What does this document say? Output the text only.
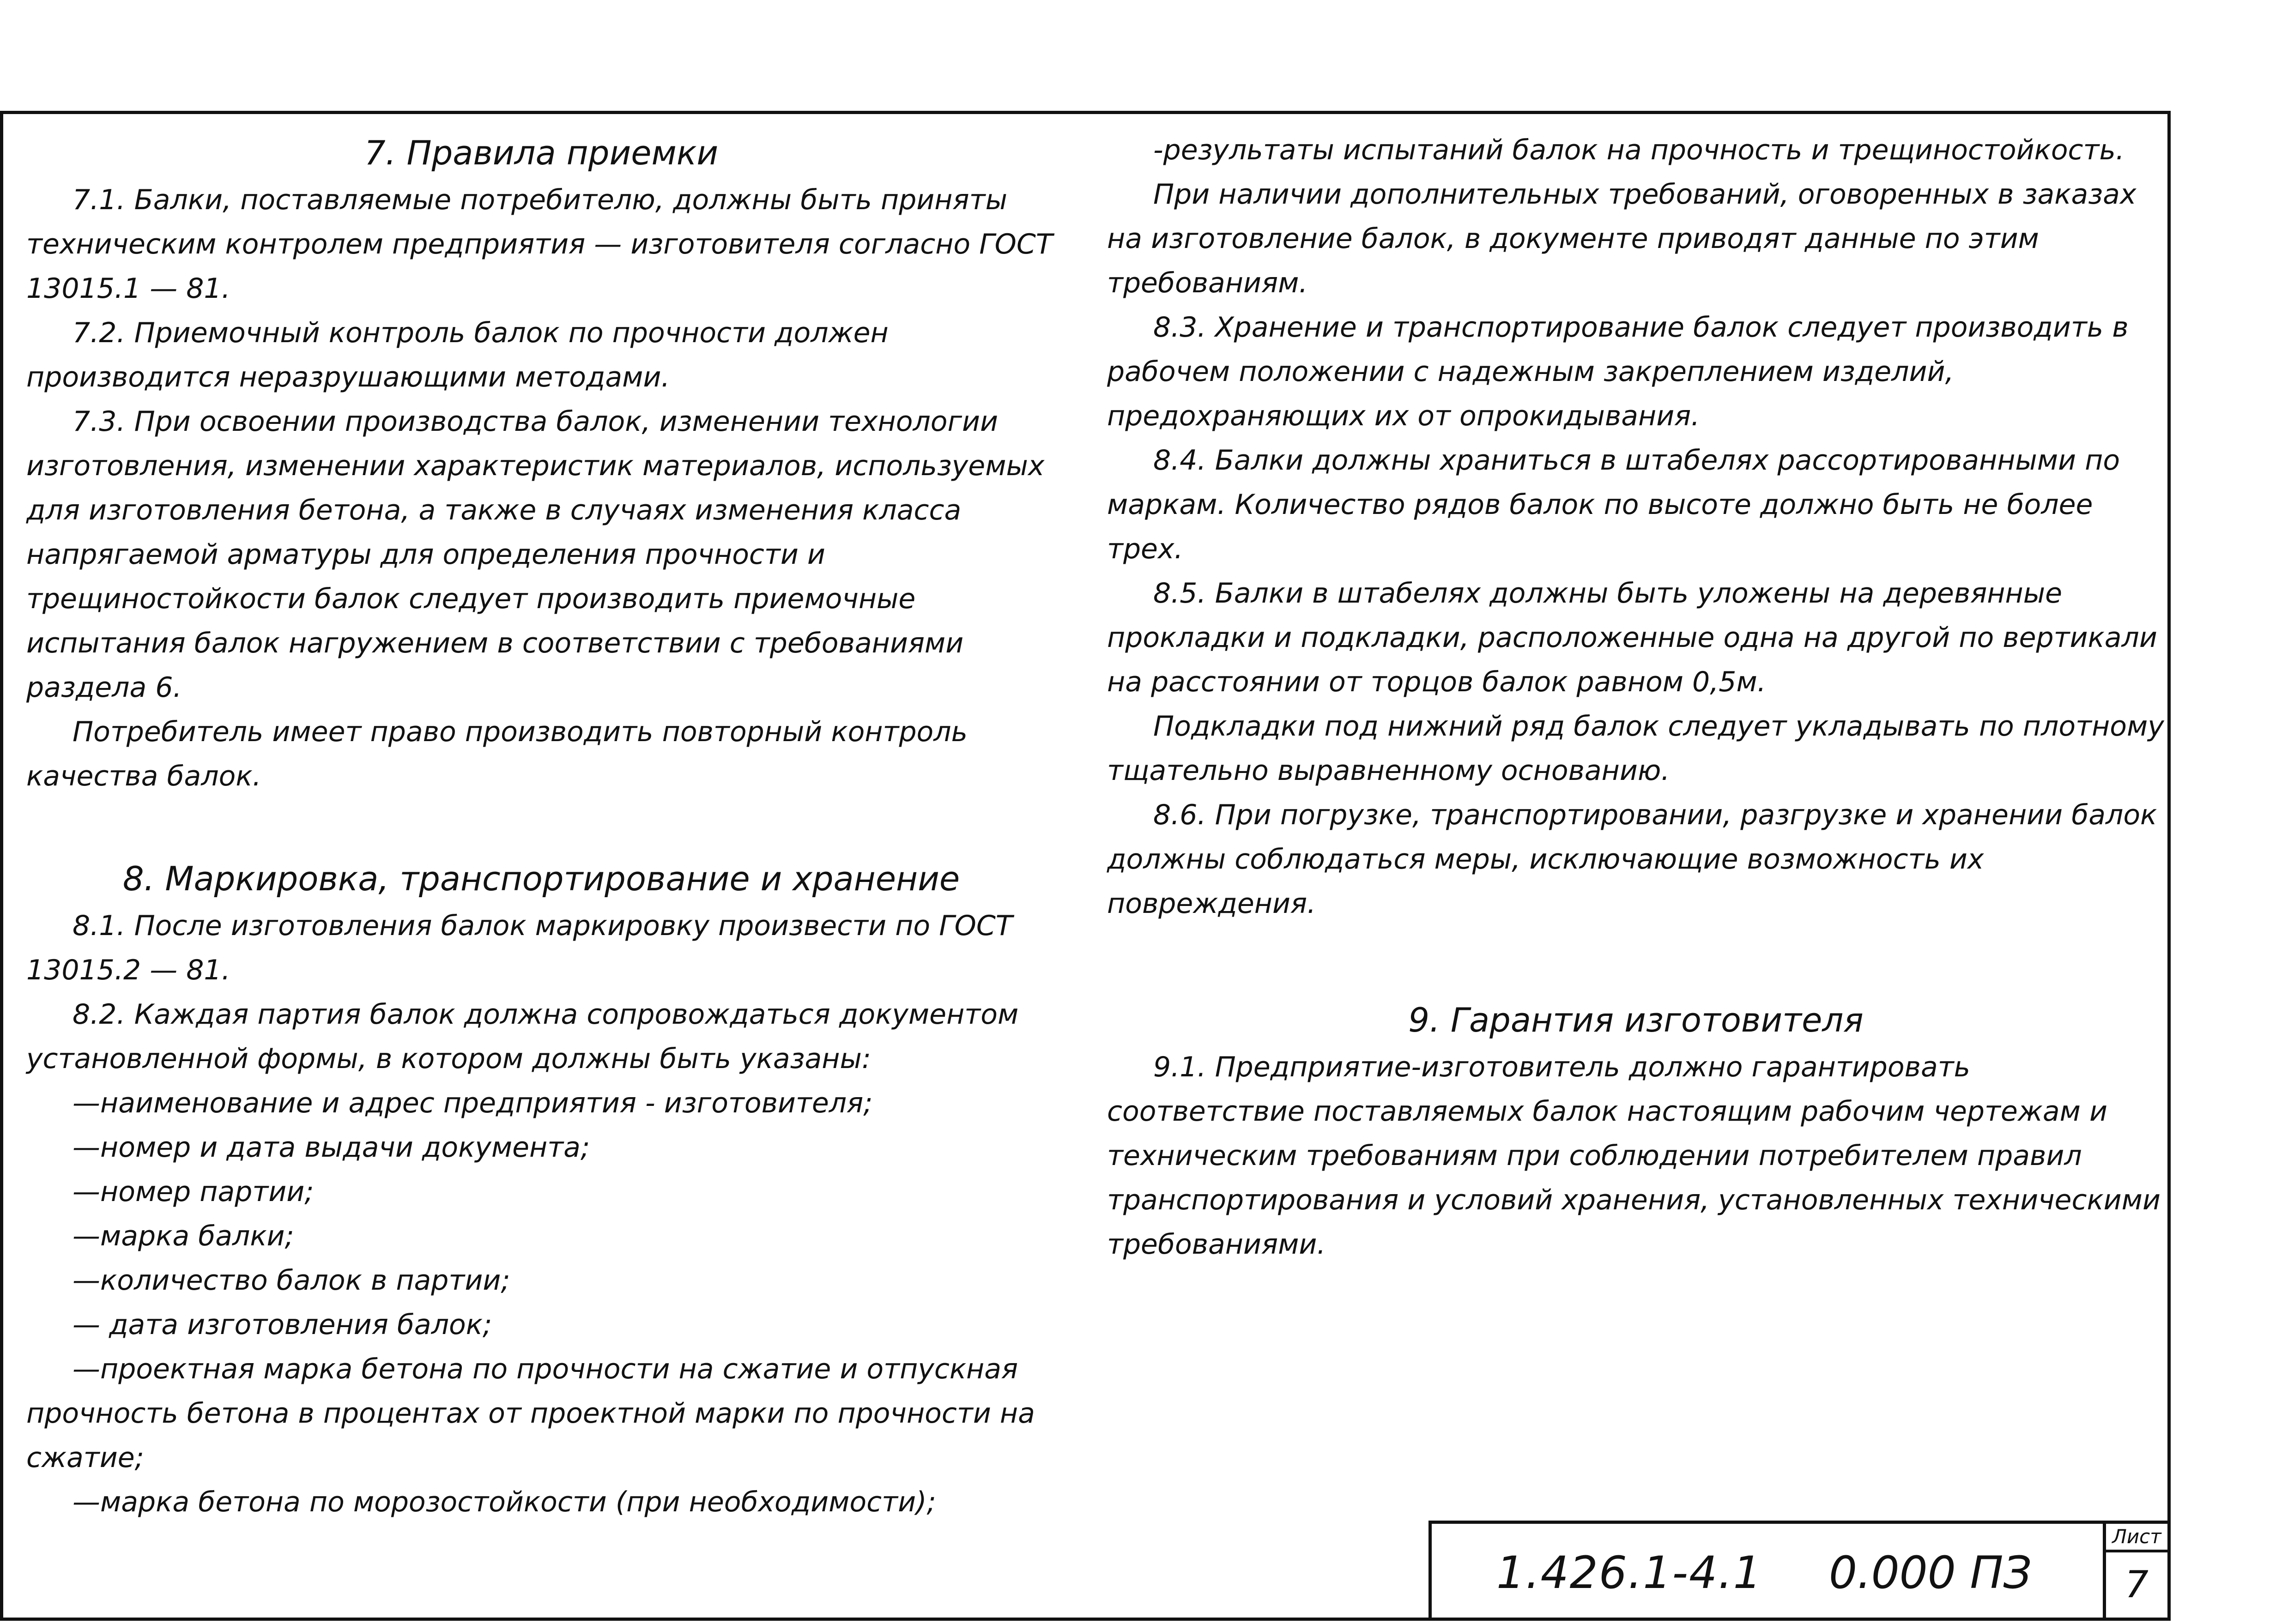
7. Правила приемки

7.1. Балки, поставляемые потребителю, должны быть приняты техническим контролем предприятия — изготовителя согласно ГОСТ 13015.1 — 81.

7.2. Приемочный контроль балок по прочности должен производится неразрушающими методами.

7.3. При освоении производства балок, изменении технологии изготовления, изменении характеристик материалов, используемых для изготовления бетона, а также в случаях изменения класса напрягаемой арматуры для определения прочности и трещиностойкости балок следует производить приемочные испытания балок нагружением в соответствии с требованиями раздела 6.

Потребитель имеет право производить повторный контроль качества балок.

8. Маркировка, транспортирование и хранение

8.1. После изготовления балок маркировку произвести по ГОСТ 13015.2 — 81.

8.2. Каждая партия балок должна сопровождаться документом установленной формы, в котором должны быть указаны:

—наименование и адрес предприятия - изготовителя;

—номер и дата выдачи документа;

—номер партии;

—марка балки;

—количество балок в партии;

— дата изготовления балок;

—проектная марка бетона по прочности на сжатие и отпускная прочность бетона в процентах от проектной марки по прочности на сжатие;

—марка бетона по морозостойкости (при необходимости);

-результаты испытаний балок на прочность и трещиностойкость.

При наличии дополнительных требований, оговоренных в заказах на изготовление балок, в документе приводят данные по этим требованиям.

8.3. Хранение и транспортирование балок следует производить в рабочем положении с надежным закреплением изделий, предохраняющих их от опрокидывания.

8.4. Балки должны храниться в штабелях рассортированными по маркам. Количество рядов балок по высоте должно быть не более трех.

8.5. Балки в штабелях должны быть уложены на деревянные прокладки и подкладки, расположенные одна на другой по вертикали на расстоянии от торцов балок равном 0,5м.

Подкладки под нижний ряд балок следует укладывать по плотному тщательно выравненному основанию.

8.6. При погрузке, транспортировании, разгрузке и хранении балок должны соблюдаться меры, исключающие возможность их повреждения.

9. Гарантия изготовителя

9.1. Предприятие-изготовитель должно гарантировать соответствие поставляемых балок настоящим рабочим чертежам и техническим требованиям при соблюдении потребителем правил транспортирования и условий хранения, установленных техническими требованиями.

1.426.1-4.1 0.000 ПЗ
Лист
7
